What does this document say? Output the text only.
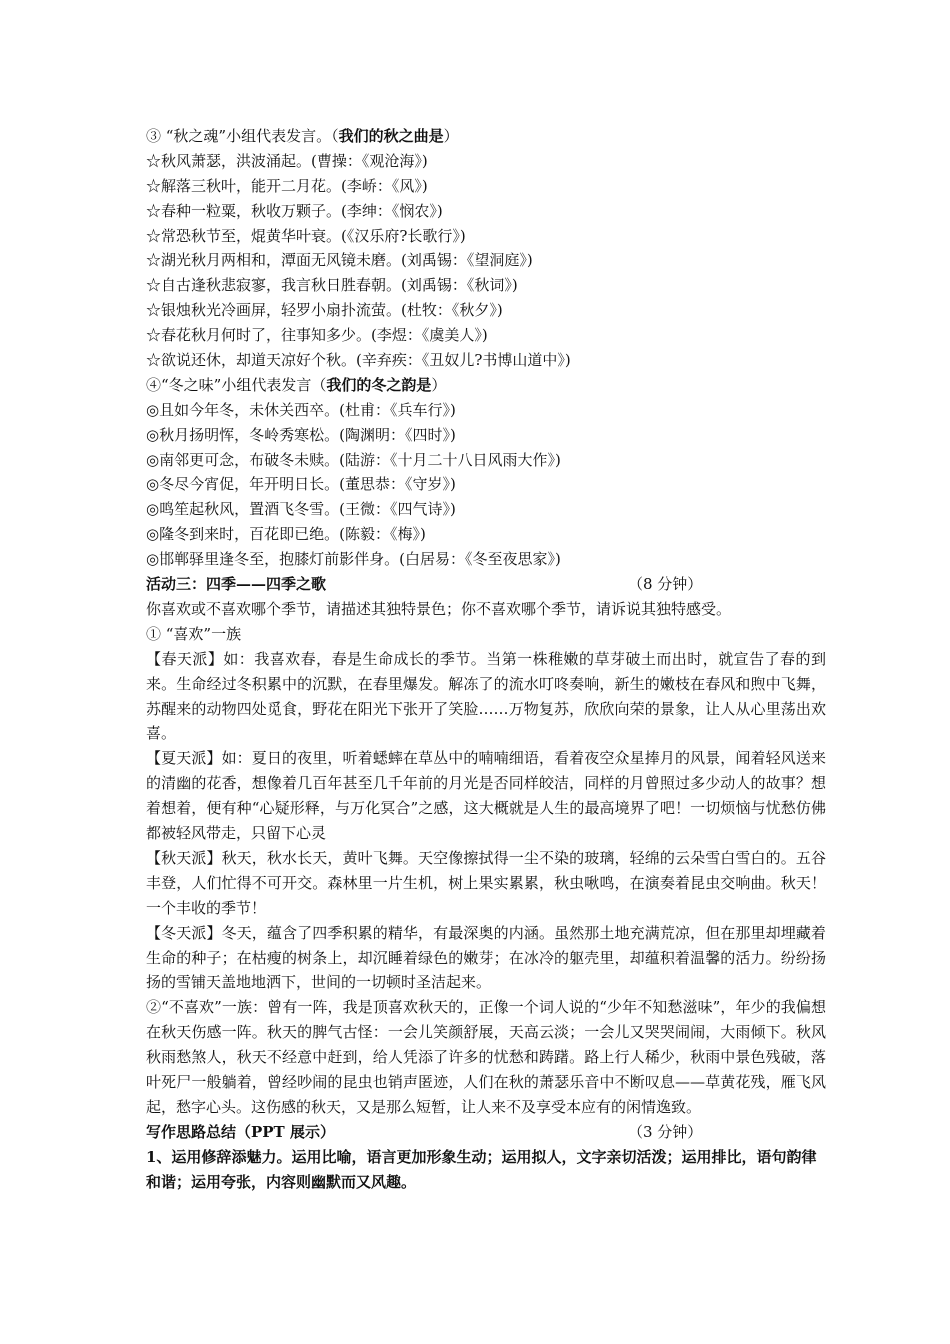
③ “秋之魂”小组代表发言。（我们的秋之曲是）
☆秋风萧瑟，洪波涌起。(曹操：《观沧海》)
☆解落三秋叶，能开二月花。(李峤：《风》)
☆春种一粒粟，秋收万颗子。(李绅：《悯农》)
☆常恐秋节至，焜黄华叶衰。(《汉乐府?长歌行》)
☆湖光秋月两相和，潭面无风镜未磨。(刘禹锡：《望洞庭》)
☆自古逢秋悲寂寥，我言秋日胜春朝。(刘禹锡：《秋词》)
☆银烛秋光冷画屏，轻罗小扇扑流萤。(杜牧：《秋夕》)
☆春花秋月何时了，往事知多少。(李煜：《虞美人》)
☆欲说还休，却道天凉好个秋。(辛弃疾：《丑奴儿?书博山道中》)
④“冬之味”小组代表发言（我们的冬之韵是）
◎且如今年冬，未休关西卒。(杜甫：《兵车行》)
◎秋月扬明恽，冬岭秀寒松。(陶渊明：《四时》)
◎南邻更可念，布破冬未赎。(陆游：《十月二十八日风雨大作》)
◎冬尽今宵促，年开明日长。(董思恭：《守岁》)
◎鸣笙起秋风，置酒飞冬雪。(王微：《四气诗》)
◎隆冬到来时，百花即已绝。(陈毅：《梅》)
◎邯郸驿里逢冬至，抱膝灯前影伴身。(白居易：《冬至夜思家》)
活动三：四季——四季之歌	（8 分钟）
你喜欢或不喜欢哪个季节，请描述其独特景色；你不喜欢哪个季节，请诉说其独特感受。
① “喜欢”一族

【春天派】如：我喜欢春，春是生命成长的季节。当第一株稚嫩的草芽破土而出时，就宣告了春的到来。生命经过冬积累中的沉默，在春里爆发。解冻了的流水叮咚奏响，新生的嫩枝在春风和煦中飞舞，苏醒来的动物四处觅食，野花在阳光下张开了笑脸……万物复苏，欣欣向荣的景象，让人从心里荡出欢喜。

【夏天派】如：夏日的夜里，听着蟋蟀在草丛中的喃喃细语，看着夜空众星捧月的风景，闻着轻风送来的清幽的花香，想像着几百年甚至几千年前的月光是否同样皎洁，同样的月曾照过多少动人的故事？想着想着，便有种“心疑形释，与万化冥合”之感，这大概就是人生的最高境界了吧！一切烦恼与忧愁仿佛都被轻风带走，只留下心灵

【秋天派】秋天，秋水长天，黄叶飞舞。天空像擦拭得一尘不染的玻璃，轻绵的云朵雪白雪白的。五谷丰登，人们忙得不可开交。森林里一片生机，树上果实累累，秋虫啾鸣，在演奏着昆虫交响曲。秋天！一个丰收的季节！

【冬天派】冬天，蕴含了四季积累的精华，有最深奥的内涵。虽然那土地充满荒凉，但在那里却埋藏着生命的种子；在枯瘦的树条上，却沉睡着绿色的嫩芽；在冰冷的躯壳里，却蕴积着温馨的活力。纷纷扬扬的雪铺天盖地地洒下，世间的一切顿时圣洁起来。

②“不喜欢”一族：曾有一阵，我是顶喜欢秋天的，正像一个词人说的“少年不知愁滋味”，年少的我偏想在秋天伤感一阵。秋天的脾气古怪：一会儿笑颜舒展，天高云淡；一会儿又哭哭闹闹，大雨倾下。秋风秋雨愁煞人，秋天不经意中赶到，给人凭添了许多的忧愁和踌躇。路上行人稀少，秋雨中景色残破，落叶死尸一般躺着，曾经吵闹的昆虫也销声匿迹，人们在秋的萧瑟乐音中不断叹息——草黄花残，雁飞风起，愁字心头。这伤感的秋天，又是那么短暂，让人来不及享受本应有的闲情逸致。

写作思路总结（PPT 展示）	（3 分钟）

1、运用修辞添魅力。运用比喻，语言更加形象生动；运用拟人，文字亲切活泼；运用排比，语句韵律和谐；运用夸张，内容则幽默而又风趣。
